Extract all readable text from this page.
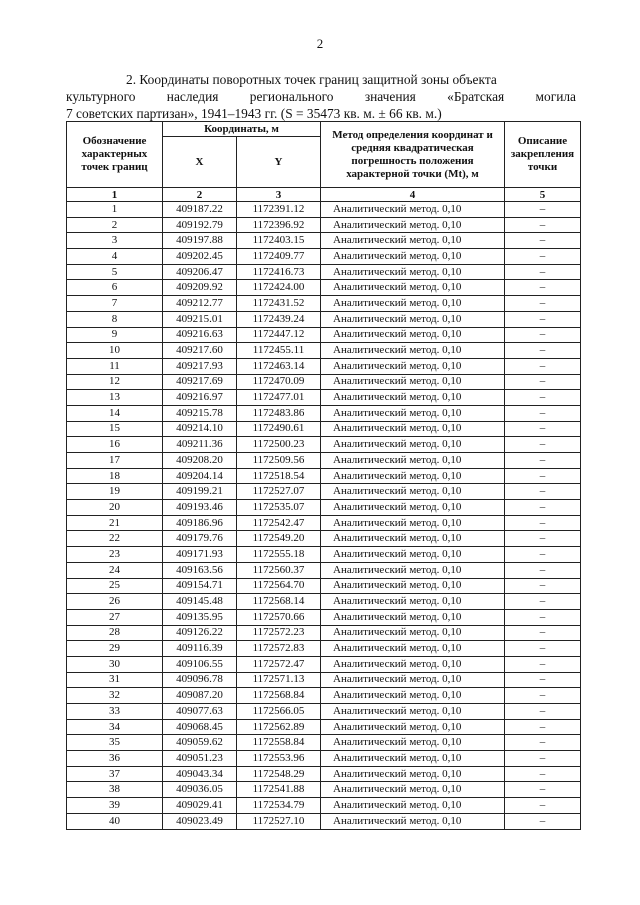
2
2. Координаты поворотных точек границ защитной зоны объекта
культурного наследия регионального значения «Братская могила
7 советских партизан», 1941–1943 гг. (S = 35473 кв. м. ± 66 кв. м.)
Обозначение характерных точек границ	Координаты, м		Метод определения координат и средняя квадратическая погрешность положения характерной точки (Mt), м	Описание закрепления точки
	X	Y		
1	2	3	4	5
1	409187.22	1172391.12	Аналитический метод. 0,10	–
2	409192.79	1172396.92	Аналитический метод. 0,10	–
3	409197.88	1172403.15	Аналитический метод. 0,10	–
4	409202.45	1172409.77	Аналитический метод. 0,10	–
5	409206.47	1172416.73	Аналитический метод. 0,10	–
6	409209.92	1172424.00	Аналитический метод. 0,10	–
7	409212.77	1172431.52	Аналитический метод. 0,10	–
8	409215.01	1172439.24	Аналитический метод. 0,10	–
9	409216.63	1172447.12	Аналитический метод. 0,10	–
10	409217.60	1172455.11	Аналитический метод. 0,10	–
11	409217.93	1172463.14	Аналитический метод. 0,10	–
12	409217.69	1172470.09	Аналитический метод. 0,10	–
13	409216.97	1172477.01	Аналитический метод. 0,10	–
14	409215.78	1172483.86	Аналитический метод. 0,10	–
15	409214.10	1172490.61	Аналитический метод. 0,10	–
16	409211.36	1172500.23	Аналитический метод. 0,10	–
17	409208.20	1172509.56	Аналитический метод. 0,10	–
18	409204.14	1172518.54	Аналитический метод. 0,10	–
19	409199.21	1172527.07	Аналитический метод. 0,10	–
20	409193.46	1172535.07	Аналитический метод. 0,10	–
21	409186.96	1172542.47	Аналитический метод. 0,10	–
22	409179.76	1172549.20	Аналитический метод. 0,10	–
23	409171.93	1172555.18	Аналитический метод. 0,10	–
24	409163.56	1172560.37	Аналитический метод. 0,10	–
25	409154.71	1172564.70	Аналитический метод. 0,10	–
26	409145.48	1172568.14	Аналитический метод. 0,10	–
27	409135.95	1172570.66	Аналитический метод. 0,10	–
28	409126.22	1172572.23	Аналитический метод. 0,10	–
29	409116.39	1172572.83	Аналитический метод. 0,10	–
30	409106.55	1172572.47	Аналитический метод. 0,10	–
31	409096.78	1172571.13	Аналитический метод. 0,10	–
32	409087.20	1172568.84	Аналитический метод. 0,10	–
33	409077.63	1172566.05	Аналитический метод. 0,10	–
34	409068.45	1172562.89	Аналитический метод. 0,10	–
35	409059.62	1172558.84	Аналитический метод. 0,10	–
36	409051.23	1172553.96	Аналитический метод. 0,10	–
37	409043.34	1172548.29	Аналитический метод. 0,10	–
38	409036.05	1172541.88	Аналитический метод. 0,10	–
39	409029.41	1172534.79	Аналитический метод. 0,10	–
40	409023.49	1172527.10	Аналитический метод. 0,10	–
